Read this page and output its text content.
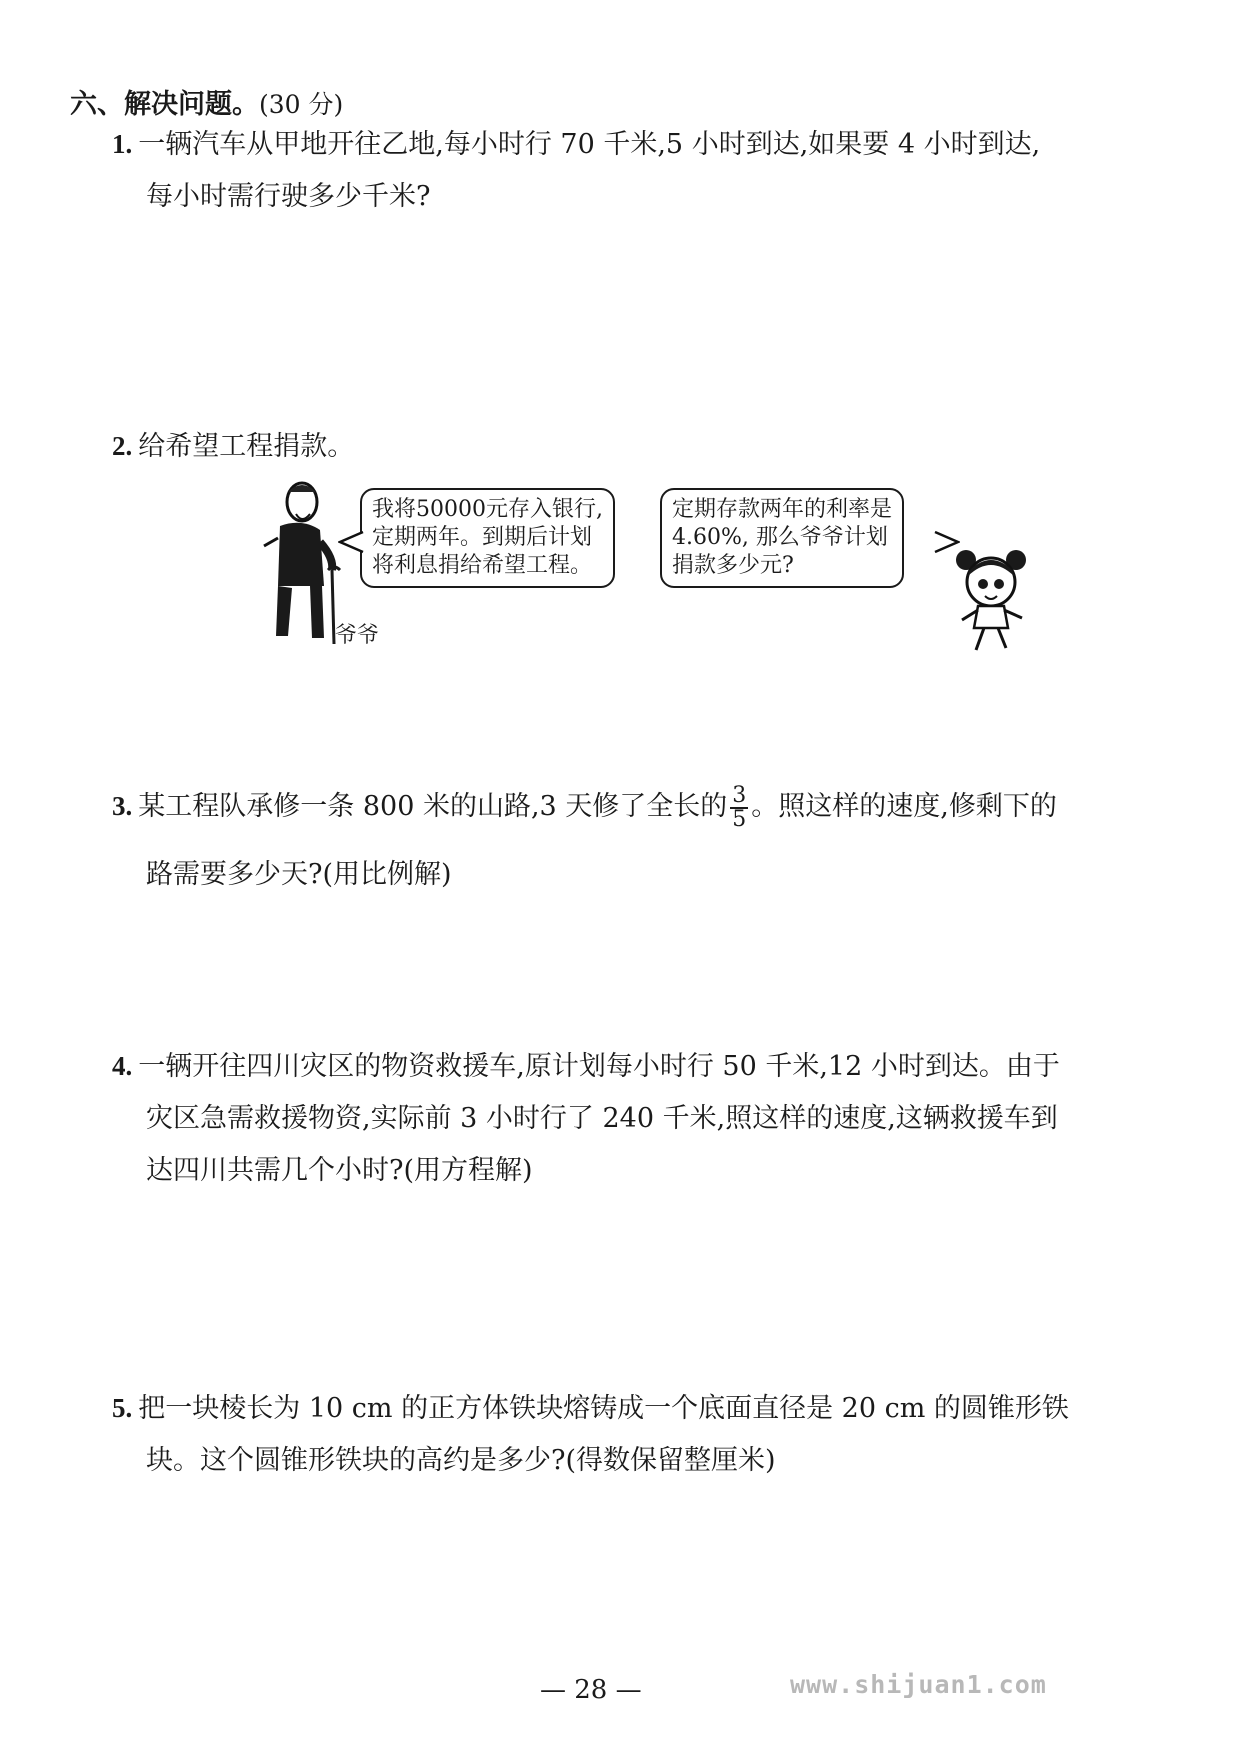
六、解决问题。(30 分)
1. 一辆汽车从甲地开往乙地,每小时行 70 千米,5 小时到达,如果要 4 小时到达,
每小时需行驶多少千米?
2. 给希望工程捐款。
爷爷
我将50000元存入银行,
定期两年。到期后计划
将利息捐给希望工程。
定期存款两年的利率是
4.60%, 那么爷爷计划
捐款多少元?
3. 某工程队承修一条 800 米的山路,3 天修了全长的 $\frac{3}{5}$ 。照这样的速度,修剩下的
路需要多少天?(用比例解)
4. 一辆开往四川灾区的物资救援车,原计划每小时行 50 千米,12 小时到达。由于
灾区急需救援物资,实际前 3 小时行了 240 千米,照这样的速度,这辆救援车到
达四川共需几个小时?(用方程解)
5. 把一块棱长为 10 cm 的正方体铁块熔铸成一个底面直径是 20 cm 的圆锥形铁
块。这个圆锥形铁块的高约是多少?(得数保留整厘米)
— 28 —	www.shijuan1.com
